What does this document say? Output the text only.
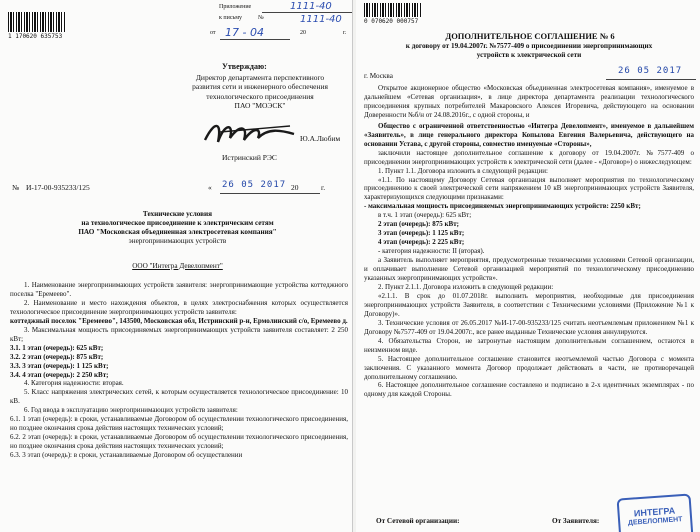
1 170620 635753
Приложение	1111-40
к письму	№	1111-40
от 17 - 04	20	г.
Утверждаю:
Директор департамента перспективного
развития сети и инженерного обеспечения
технологического присоединения
ПАО "МОЭСК"
Ю.А.Любим
Истринский РЭС
№ И-17-00-935233/125	« 26 05 2017 20	г.
Технические условия
на технологическое присоединение к электрическим сетям
ПАО "Московская объединенная электросетевая компания"
энергопринимающих устройств
ООО "Интегра Девелопмент"
1. Наименование энергопринимающих устройств заявителя: энергопринимающие устройства коттеджного поселка "Еремеево".
2. Наименование и место нахождения объектов, в целях электроснабжения которых осуществляется технологическое присоединение энергопринимающих устройств заявителя:
коттеджный поселок "Еремеево", 143500, Московская обл, Истринский р-н, Ермолинский с/о, Еремеево д.
3. Максимальная мощность присоединяемых энергопринимающих устройств заявителя составляет: 2 250 кВт;
3.1. 1 этап (очередь): 625 кВт;
3.2. 2 этап (очередь): 875 кВт;
3.3. 3 этап (очередь): 1 125 кВт;
3.4. 4 этап (очередь): 2 250 кВт;
4. Категория надежности: вторая.
5. Класс напряжения электрических сетей, к которым осуществляется технологическое присоединение: 10 кВ.
6. Год ввода в эксплуатацию энергопринимающих устройств заявителя:
6.1. 1 этап (очередь): в сроки, устанавливаемые Договором об осуществлении технологического присоединения, но позднее окончания срока действия настоящих технических условий;
6.2. 2 этап (очередь): в сроки, устанавливаемые Договором об осуществлении технологического присоединения, но позднее окончания срока действия настоящих технических условий;
6.3. 3 этап (очередь): в сроки, устанавливаемые Договором об осуществлении
0 070620 000757
ДОПОЛНИТЕЛЬНОЕ СОГЛАШЕНИЕ № 6
к договору от 19.04.2007г. №7577-409 о присоединении энергопринимающих
устройств к электрической сети
г. Москва	26 05 2017
Открытое акционерное общество «Московская объединенная электросетевая компания», именуемое в дальнейшем «Сетевая организация», в лице директора департамента реализации технологического присоединения крупных потребителей Макаровского Алексея Игоревича, действующего на основании Доверенности №б/н от 24.08.2016г., с одной стороны, и
Общество с ограниченной ответственностью «Интегра Девелопмент», именуемое в дальнейшем «Заявитель», в лице генерального директора Копылова Евгения Валерьевича, действующего на основании Устава, с другой стороны, совместно именуемые «Стороны»,
заключили настоящее дополнительное соглашение к договору от 19.04.2007г. №7577-409 о присоединении энергопринимающих устройств к электрической сети (далее - «Договор») о нижеследующем:
1. Пункт 1.1. Договора изложить в следующей редакции:
«1.1. По настоящему Договору Сетевая организация выполняет мероприятия по технологическому присоединению к своей электрической сети напряжением 10 кВ энергопринимающих устройств Заявителя, характеризующихся следующими признаками:
- максимальная мощность присоединяемых энергопринимающих устройств: 2250 кВт;
в т.ч. 1 этап (очередь): 625 кВт;
2 этап (очередь): 875 кВт;
3 этап (очередь): 1 125 кВт;
4 этап (очередь): 2 225 кВт;
- категория надежности: II (вторая).
а Заявитель выполняет мероприятия, предусмотренные техническими условиями Сетевой организации, и оплачивает выполнение Сетевой организацией мероприятий по технологическому присоединению указанных энергопринимающих устройств».
2. Пункт 2.1.1. Договора изложить в следующей редакции:
«2.1.1. В срок до 01.07.2018г. выполнить мероприятия, необходимые для присоединения энергопринимающих устройств Заявителя, в соответствии с Техническими условиями (Приложение №1 к Договору)».
3. Технические условия от 26.05.2017 №И-17-00-935233/125 считать неотъемлемым приложением №1 к Договору №7577-409 от 19.04.2007г., все ранее выданные Технические условия аннулируются.
4. Обязательства Сторон, не затронутые настоящим дополнительным соглашением, остаются в неизменном виде.
5. Настоящее дополнительное соглашение становится неотъемлемой частью Договора с момента заключения. С указанного момента Договор продолжает действовать в части, не противоречащей дополнительному соглашению.
6. Настоящее дополнительное соглашение составлено и подписано в 2-х идентичных экземплярах - по одному для каждой Стороны.
От Сетевой организации:	От Заявителя:
ИНТЕГРА
ДЕВЕЛОПМЕНТ
